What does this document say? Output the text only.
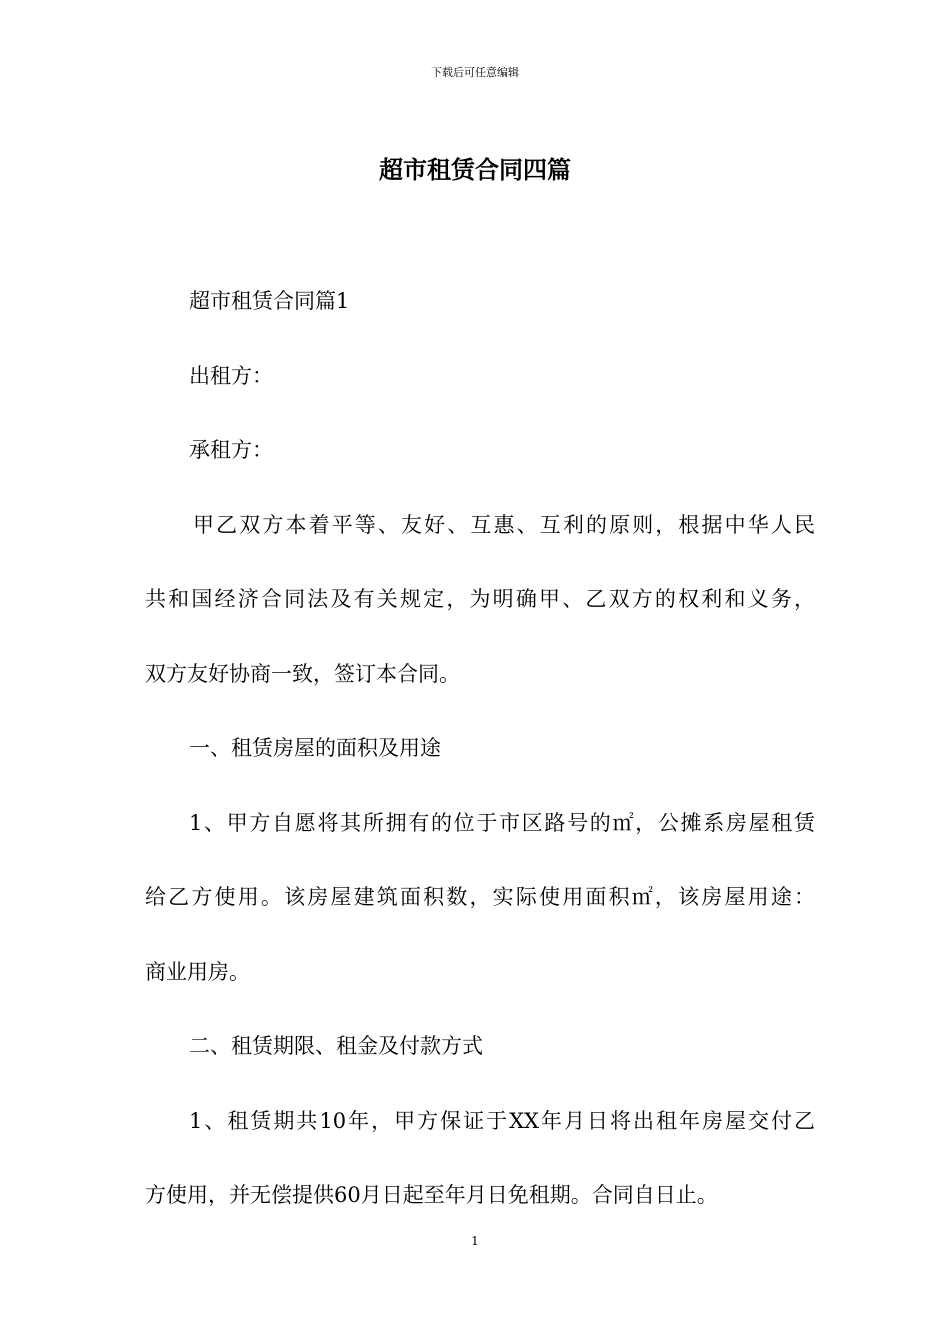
下载后可任意编辑
超市租赁合同四篇
超市租赁合同篇1
出租方：
承租方：
甲乙双方本着平等、友好、互惠、互利的原则，根据中华人民
共和国经济合同法及有关规定，为明确甲、乙双方的权利和义务，
双方友好协商一致，签订本合同。
一、租赁房屋的面积及用途
1、甲方自愿将其所拥有的位于市区路号的㎡，公摊系房屋租赁
给乙方使用。该房屋建筑面积数，实际使用面积㎡，该房屋用途：
商业用房。
二、租赁期限、租金及付款方式
1、租赁期共10年，甲方保证于XX年月日将出租年房屋交付乙
方使用，并无偿提供60月日起至年月日免租期。合同自日止。
1
